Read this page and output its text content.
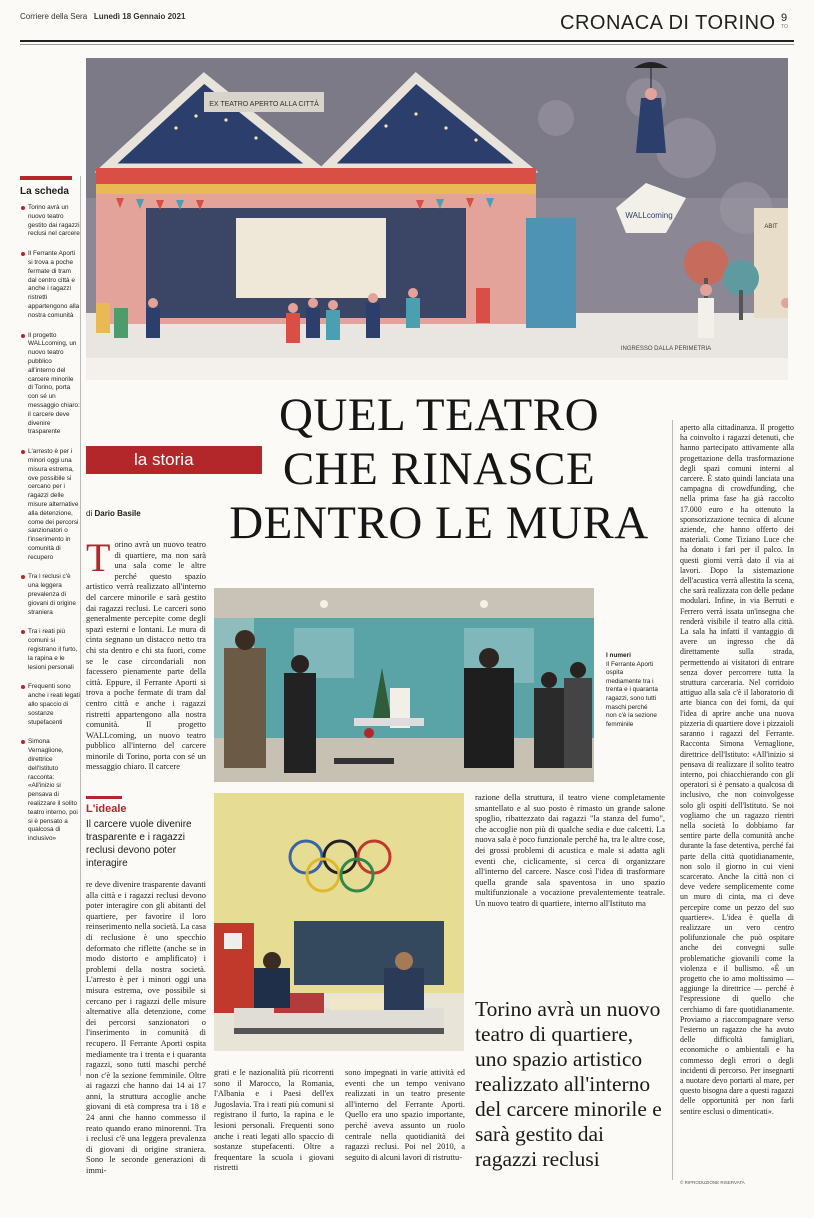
Corriere della Sera Lunedì 18 Gennaio 2021	CRONACA DI TORINO 9
TO
EX TEATRO APERTO ALLA CITTÀ
WALLcoming
ABIT
INGRESSO DALLA PERIMETRIA
La scheda
Torino avrà un nuovo teatro gestito dai ragazzi reclusi nel carcere
Il Ferrante Aporti si trova a poche fermate di tram dal centro città e anche i ragazzi ristretti appartengono alla nostra comunità
Il progetto WALLcoming, un nuovo teatro pubblico all'interno del carcere minorile di Torino, porta con sé un messaggio chiaro: il carcere deve divenire trasparente
L'arresto è per i minori oggi una misura estrema, ove possibile si cercano per i ragazzi delle misure alternative alla detenzione, come dei percorsi sanzionatori o l'inserimento in comunità di recupero
Tra i reclusi c'è una leggera prevalenza di giovani di origine straniera
Tra i reati più comuni si registrano il furto, la rapina e le lesioni personali
Frequenti sono anche i reati legati allo spaccio di sostanze stupefacenti
Simona Vernaglione, direttrice dell'Istituto racconta: «All'inizio si pensava di realizzare il solito teatro interno, poi si è pensato a qualcosa di inclusivo»
la storia
QUEL TEATRO
CHE RINASCE
DENTRO LE MURA
di Dario Basile
Torino avrà un nuovo teatro di quartiere, ma non sarà una sala come le altre perché questo spazio artistico verrà realizzato all'interno del carcere minorile e sarà gestito dai ragazzi reclusi. Le carceri sono generalmente percepite come degli spazi esterni e lontani. Le mura di cinta segnano un distacco netto tra chi sta dentro e chi sta fuori, come se le case circondariali non facessero pienamente parte della città. Eppure, il Ferrante Aporti si trova a poche fermate di tram dal centro città e anche i ragazzi ristretti appartengono alla nostra comunità. Il progetto WALLcoming, un nuovo teatro pubblico all'interno del carcere minorile di Torino, porta con sé un messaggio chiaro. Il carcere
L'ideale
Il carcere vuole divenire trasparente e i ragazzi reclusi devono poter interagire
re deve divenire trasparente davanti alla città e i ragazzi reclusi devono poter interagire con gli abitanti del quartiere, per favorire il loro reinserimento nella società. La casa di reclusione è uno specchio deformato che riflette (anche se in modo distorto e amplificato) i problemi della nostra società. L'arresto è per i minori oggi una misura estrema, ove possibile si cercano per i ragazzi delle misure alternative alla detenzione, come dei percorsi sanzionatori o l'inserimento in comunità di recupero. Il Ferrante Aporti ospita mediamente tra i trenta e i quaranta ragazzi, sono tutti maschi perché non c'è la sezione femminile. Oltre ai ragazzi che hanno dai 14 ai 17 anni, la struttura accoglie anche giovani di età compresa tra i 18 e 24 anni che hanno commesso il reato quando erano minorenni. Tra i reclusi c'è una leggera prevalenza di giovani di origine straniera. Sono le seconde generazioni di immi-
I numeri
Il Ferrante Aporti ospita mediamente tra i trenta e i quaranta ragazzi, sono tutti maschi perché non c'è la sezione femminile
grati e le nazionalità più ricorrenti sono il Marocco, la Romania, l'Albania e i Paesi dell'ex Jugoslavia. Tra i reati più comuni si registrano il furto, la rapina e le lesioni personali. Frequenti sono anche i reati legati allo spaccio di sostanze stupefacenti. Oltre a frequentare la scuola i giovani ristretti
sono impegnati in varie attività ed eventi che un tempo venivano realizzati in un teatro presente all'interno del Ferrante Aporti. Quello era uno spazio importante, perché aveva assunto un ruolo centrale nella quotidianità dei ragazzi reclusi. Poi nel 2010, a seguito di alcuni lavori di ristruttu-
razione della struttura, il teatro viene completamente smantellato e al suo posto è rimasto un grande salone spoglio, ribattezzato dai ragazzi "la stanza del fumo", che accoglie non più di qualche sedia e due calcetti. La nuova sala è poco funzionale perché ha, tra le altre cose, dei grossi problemi di acustica e male si adatta agli eventi che, ciclicamente, si cerca di organizzare all'interno del carcere. Nasce così l'idea di trasformare quella grande sala spaventosa in uno spazio multifunzionale a vocazione prevalentemente teatrale. Un nuovo teatro di quartiere, interno all'Istituto ma
Torino avrà un nuovo teatro di quartiere, uno spazio artistico realizzato all'interno del carcere minorile e sarà gestito dai ragazzi reclusi
aperto alla cittadinanza. Il progetto ha coinvolto i ragazzi detenuti, che hanno partecipato attivamente alla progettazione della trasformazione degli spazi comuni interni al carcere. È stato quindi lanciata una campagna di crowdfunding, che nella prima fase ha già raccolto 17.000 euro e ha ottenuto la sponsorizzazione tecnica di alcune aziende, che hanno offerto dei materiali. Come Tiziano Luce che ha donato i fari per il palco. In questi giorni verrà dato il via ai lavori. Dopo la sistemazione dell'acustica verrà allestita la scena, che sarà realizzata con delle pedane modulari. Infine, in via Berruti e Ferrero verrà issata un'insegna che renderà visibile il teatro alla città. La sala ha infatti il vantaggio di avere un ingresso che dà direttamente sulla strada, permettendo ai visitatori di entrare senza dover percorrere tutta la struttura carceraria. Nel corridoio attiguo alla sala c'è il laboratorio di arte bianca con dei forni, da qui l'idea di aprire anche una nuova pizzeria di quartiere dove i pizzaioli saranno i ragazzi del Ferrante. Racconta Simona Vernaglione, direttrice dell'Istituto: «All'inizio si pensava di realizzare il solito teatro interno, poi chiacchierando con gli operatori si è pensato a qualcosa di inclusivo, che non coinvolgesse solo gli ospiti dell'Istituto. Se noi vogliamo che un ragazzo rientri nella società lo dobbiamo far sentire parte della comunità anche durante la fase detentiva, perché fai parte della città quotidianamente, non solo il giorno in cui vieni scarcerato. Anche la città non ci deve vedere semplicemente come un muro di cinta, ma ci deve percepire come un pezzo del suo quartiere». L'idea è quella di realizzare un vero centro polifunzionale che può ospitare anche dei convegni sulle problematiche giovanili come la violenza e il bullismo. «È un progetto che io amo moltissimo — aggiunge la direttrice — perché è l'espressione di quello che cerchiamo di fare quotidianamente. Proviamo a riaccompagnare verso l'esterno un ragazzo che ha avuto delle difficoltà famigliari, economiche o ambientali e ha commesso degli errori o degli incidenti di percorso. Per insegnarti a nuotare devo portarti al mare, per questo bisogna dare a questi ragazzi delle opportunità per non farli sentire esclusi o dimenticati».
© RIPRODUZIONE RISERVATA
